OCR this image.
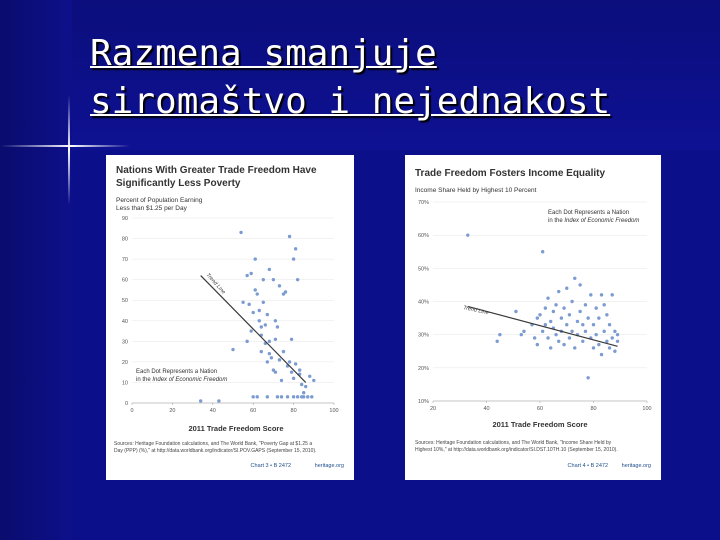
Razmena smanjuje
siromaštvo i nejednakost
Nations With Greater Trade Freedom Have
Significantly Less Poverty
Percent of Population Earning
Less than $1.25 per Day
0
10
20
30
40
50
60
70
80
90
0	20	40	60	80	100
Trend Line
2011 Trade Freedom Score
Each Dot Represents a Nation
in the Index of Economic Freedom
Sources: Heritage Foundation calculations, and The World Bank, "Poverty Gap at $1.25 a
Day (PPP) (%)," at http://data.worldbank.org/indicator/SI.POV.GAPS (September 15, 2010).
Chart 3 • B 2472	heritage.org
Trade Freedom Fosters Income Equality
Income Share Held by Highest 10 Percent
10%
20%
30%
40%
50%
60%
70%
20	40	60	80	100
Trend Line
2011 Trade Freedom Score
Each Dot Represents a Nation
in the Index of Economic Freedom
Sources: Heritage Foundation calculations, and The World Bank, "Income Share Held by
Highest 10%," at http://data.worldbank.org/indicator/SI.DST.10TH.10 (September 15, 2010).
Chart 4 • B 2472 heritage.org
